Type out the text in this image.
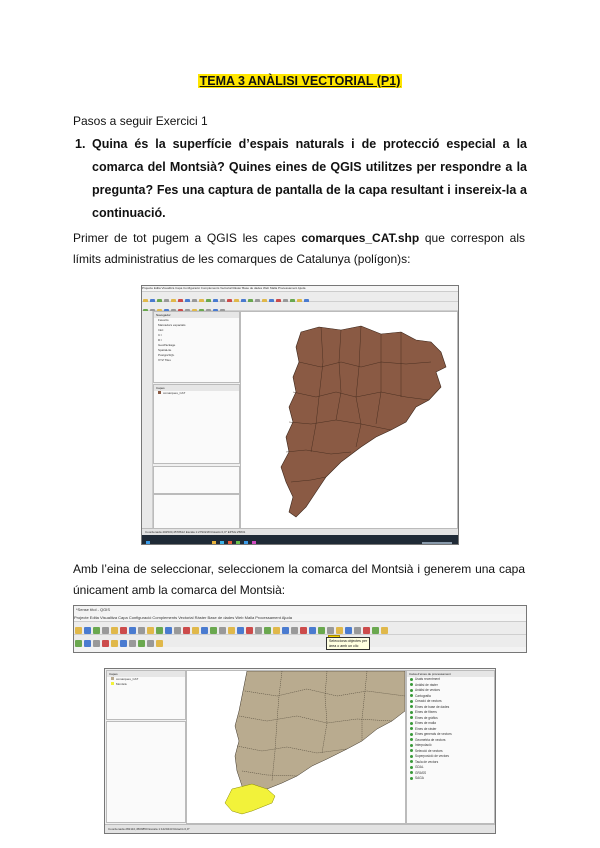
TEMA 3 ANÀLISI VECTORIAL (P1)
Pasos a seguir Exercici 1
1. Quina és la superfície d’espais naturals i de protecció especial a la comarca del Montsià? Quines eines de QGIS utilitzes per respondre a la pregunta? Fes una captura de pantalla de la capa resultant i insereix-la a continuació.
Primer de tot pugem a QGIS les capes comarques_CAT.shp que correspon als límits administratius de les comarques de Catalunya (polígon)s:
Projecte Edita Visualitza Capa Configuració Complements Vectorial Ràster Base de dades Web Malla Processament Ajuda
Navegador
Favorits
Marcadors espacials
Inici
C:\
D:\
GeoPackage
SpatiaLite
PostgreSQL
XYZ Tiles
Capes
comarques_CAT
Coordenada 402530,4578612 Escala 1:2793218 Rotació 0,0° EPSG:25831
Amb l’eina de seleccionar, seleccionem la comarca del Montsià i generem una capa únicament amb la comarca del Montsià:
*Sense títol - QGIS
Projecte Edita Visualitza Capa Configuració Complements Vectorial Ràster Base de dades Web Malla Processament Ajuda

Selecciona objectes per
àrea o amb un clic
Capes
comarques_CAT
Montsià
Caixa d'eines de processament
Usats recentment
Anàlisi de ràster
Anàlisi de vectors
Cartografia
Creació de vectors
Eines de base de dades
Eines de fitxers
Eines de gràfics
Eines de malla
Eines de ràster
Eines generals de vectors
Geometria de vectors
Interpolació
Selecció de vectors
Superposició de vectors
Taula de vectors
GDAL
GRASS
SAGA
Coordenada 282110,4509850 Escala 1:1220443 Rotació 0,0°
